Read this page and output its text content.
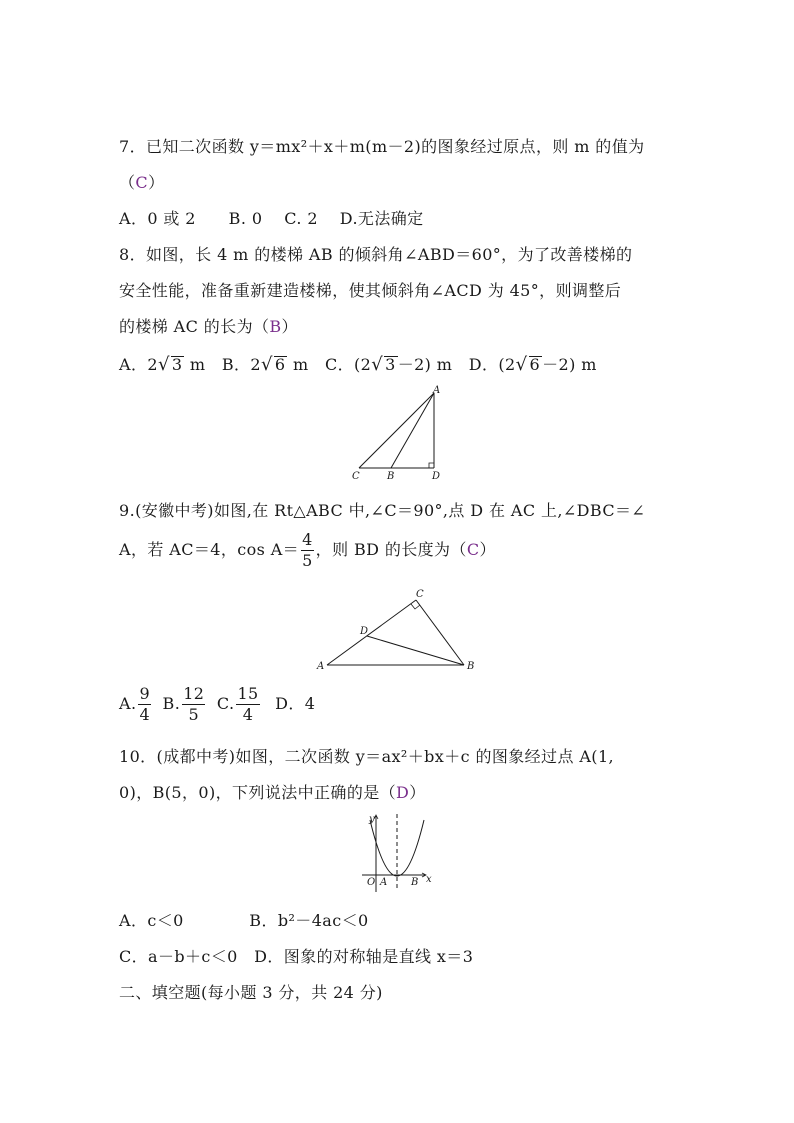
7．已知二次函数 y＝mx²＋x＋m(m－2)的图象经过原点，则 m 的值为
（C）
A．0 或 2　　B. 0　 C. 2　 D.无法确定
8．如图，长 4 m 的楼梯 AB 的倾斜角∠ABD＝60°，为了改善楼梯的
安全性能，准备重新建造楼梯，使其倾斜角∠ACD 为 45°，则调整后
的楼梯 AC 的长为（B）
A．2√ 3 m　B．2√ 6 m　C．(2√ 3 －2) m　D．(2√ 6 －2) m
A
C	B	D
9.(安徽中考)如图,在 Rt△ABC 中,∠C＝90°,点 D 在 AC 上,∠DBC＝∠
A，若 AC＝4，$\cos A= \frac{4}{5}$ ，则 BD 的长度为（C）
C
D
A	B
A. $\frac{9}{4} B$. $\frac{12}{5} C$. $\frac{15}{4}$ D．4
10．(成都中考)如图，二次函数 y＝ax²＋bx＋c 的图象经过点 A(1,
0)，B(5，0)，下列说法中正确的是（D）
y
O A B x
A．c＜0　　　　B．b²－4ac＜0
C．a－b＋c＜0　D．图象的对称轴是直线 x＝3
二、填空题(每小题 3 分，共 24 分)
